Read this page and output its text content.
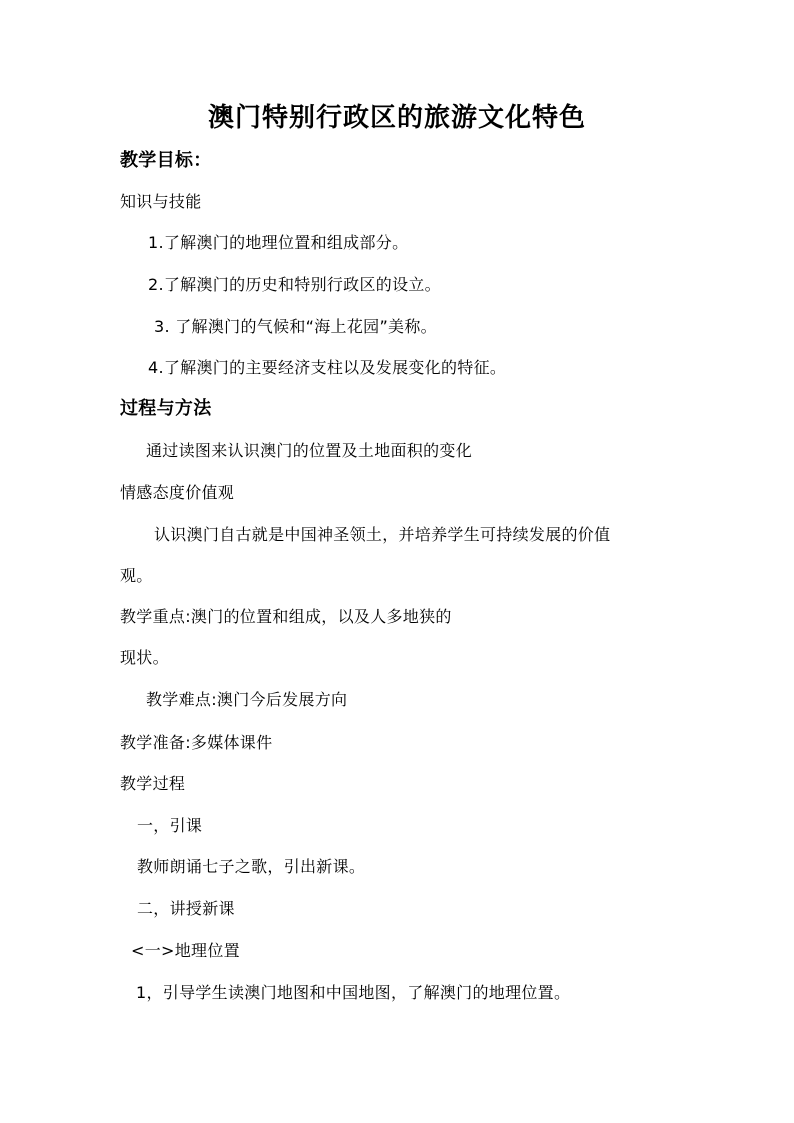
澳门特别行政区的旅游文化特色
教学目标：
知识与技能
1.了解澳门的地理位置和组成部分。
2.了解澳门的历史和特别行政区的设立。
3. 了解澳门的气候和“海上花园”美称。
4.了解澳门的主要经济支柱以及发展变化的特征。
过程与方法
通过读图来认识澳门的位置及土地面积的变化
情感态度价值观
认识澳门自古就是中国神圣领土，并培养学生可持续发展的价值
观。
教学重点:澳门的位置和组成，以及人多地狭的
现状。
教学难点:澳门今后发展方向
教学准备:多媒体课件
教学过程
一，引课
教师朗诵七子之歌，引出新课。
二，讲授新课
<一>地理位置
1，引导学生读澳门地图和中国地图，了解澳门的地理位置。
